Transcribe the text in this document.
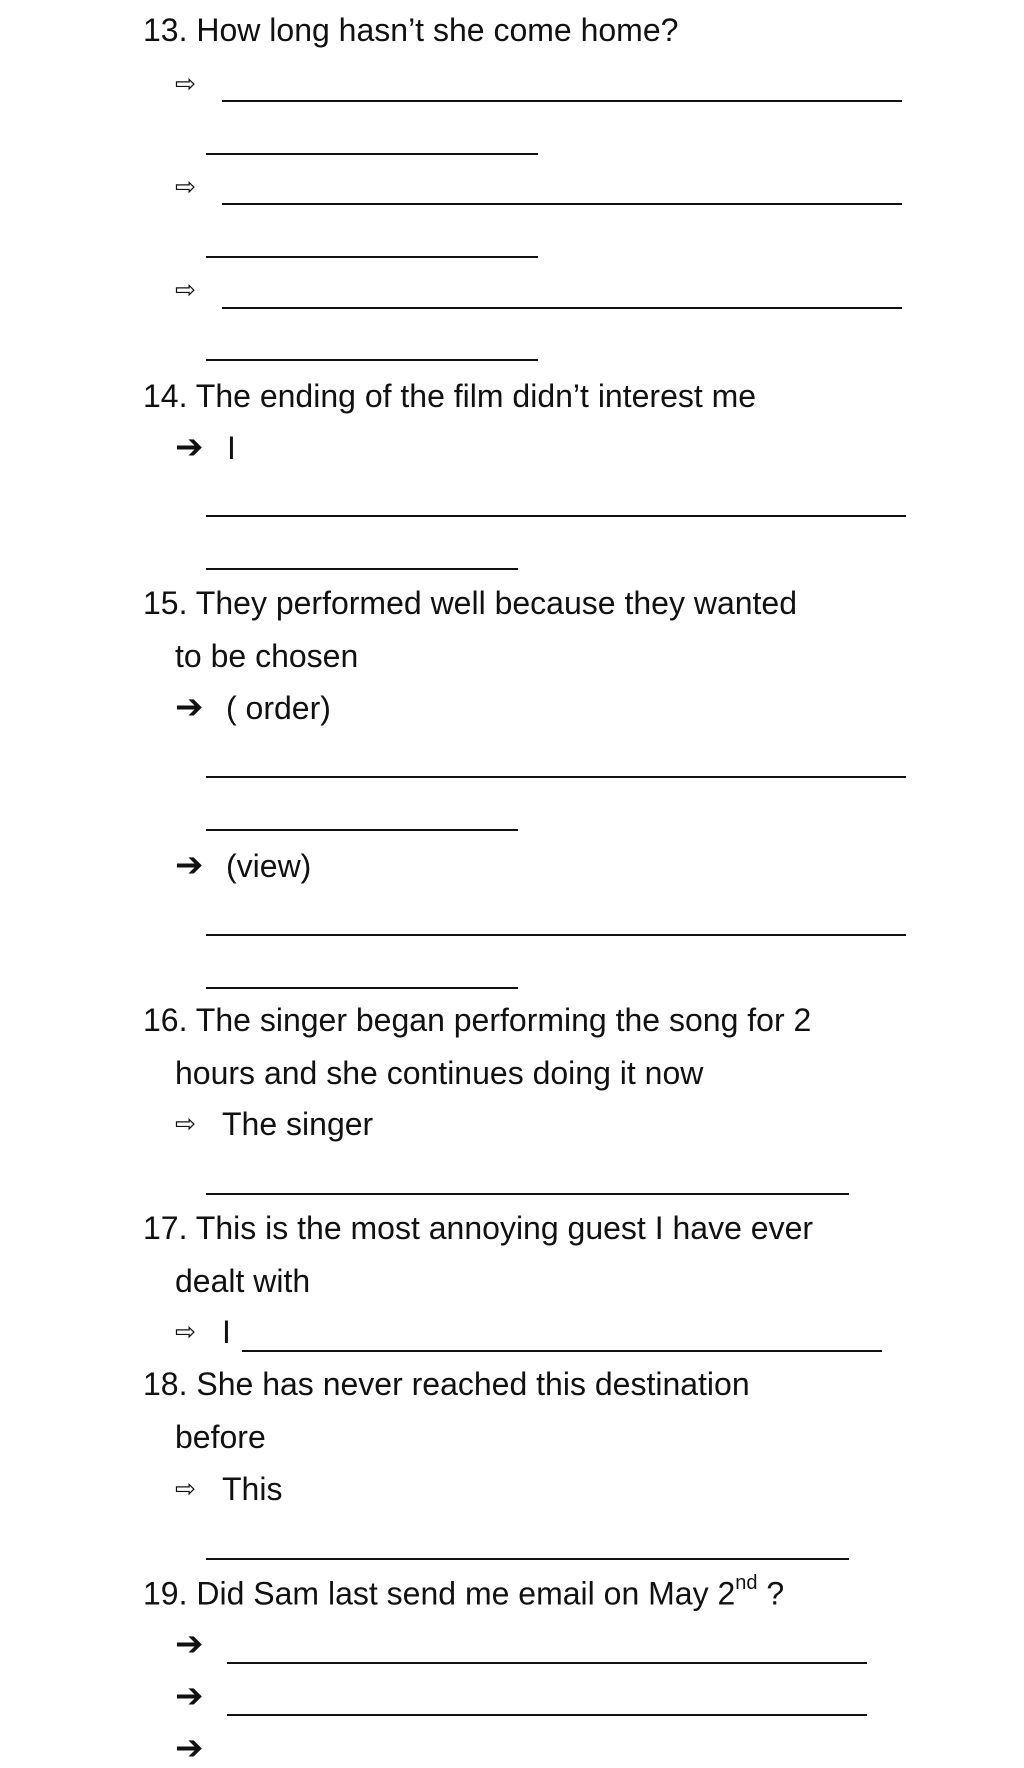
13. How long hasn’t she come home?
⇨
⇨
⇨
14. The ending of the film didn’t interest me
➔ I
15. They performed well because they wanted
to be chosen
➔ ( order)
➔ (view)
16. The singer began performing the song for 2
hours and she continues doing it now
⇨ The singer
17. This is the most annoying guest I have ever
dealt with
⇨ I
18. She has never reached this destination
before
⇨ This
19. Did Sam last send me email on May 2nd ?
➔
➔
➔
